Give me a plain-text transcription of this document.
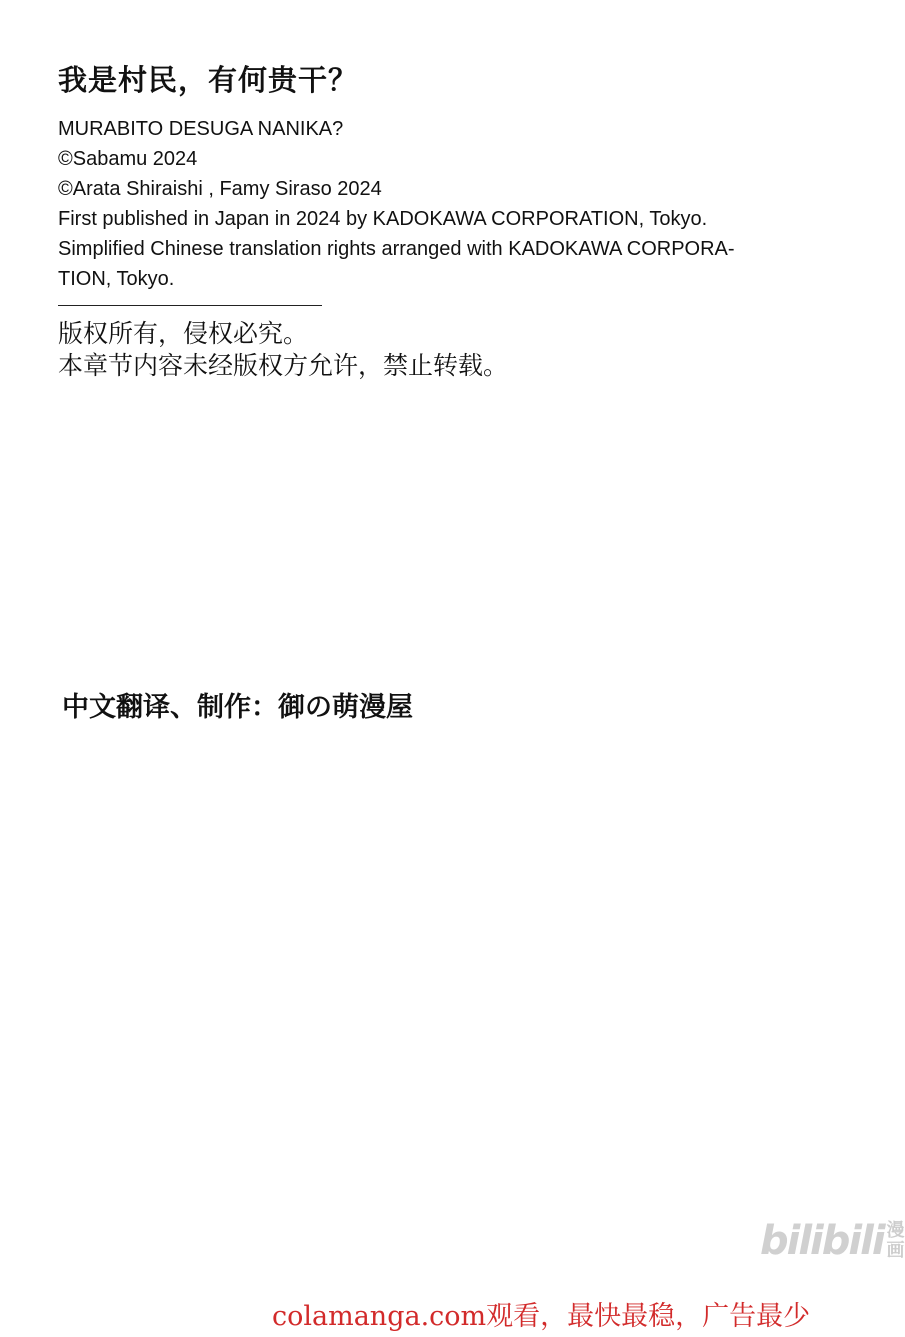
我是村民，有何贵干？
MURABITO DESUGA NANIKA?
©Sabamu 2024
©Arata Shiraishi , Famy Siraso 2024
First published in Japan in 2024 by KADOKAWA CORPORATION, Tokyo.
Simplified Chinese translation rights arranged with KADOKAWA CORPORA-
TION, Tokyo.
版权所有，侵权必究。
本章节内容未经版权方允许，禁止转载。
中文翻译、制作：御の萌漫屋
bilibili 漫
画
colamanga.com观看，最快最稳，广告最少
